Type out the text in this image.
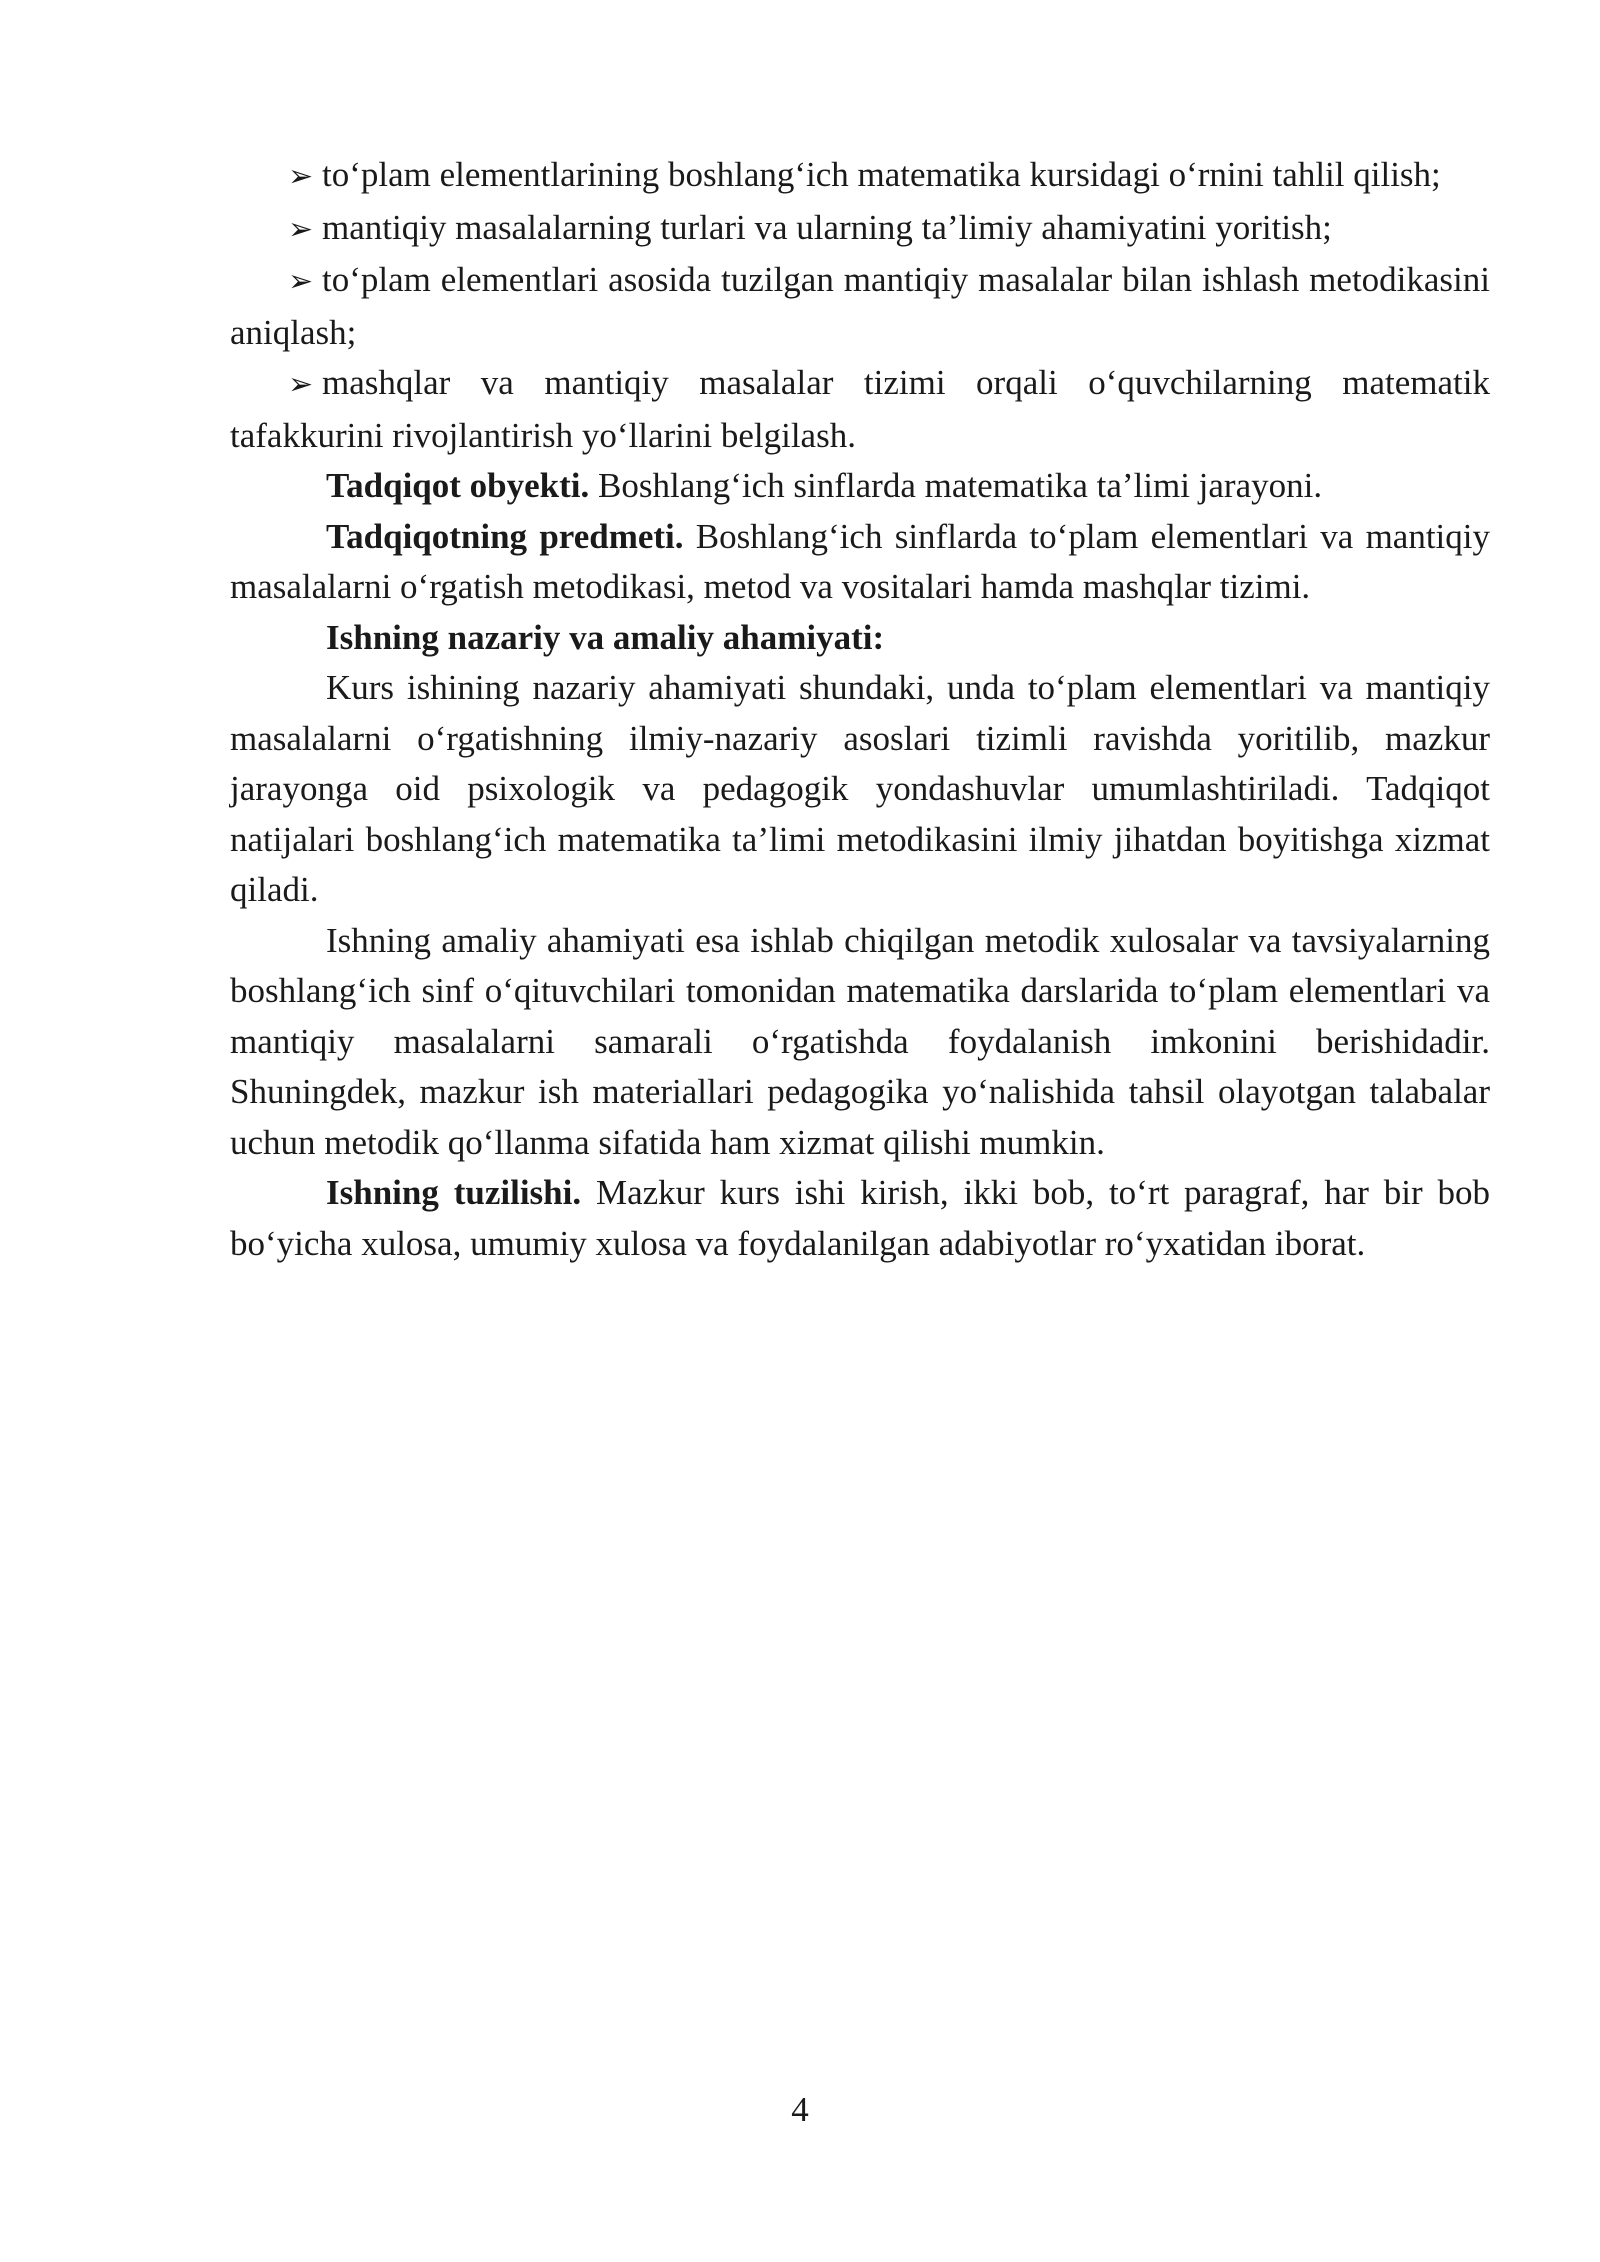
➢ to‘plam elementlarining boshlang‘ich matematika kursidagi o‘rnini tahlil qilish;

➢ mantiqiy masalalarning turlari va ularning ta’limiy ahamiyatini yoritish;

➢ to‘plam elementlari asosida tuzilgan mantiqiy masalalar bilan ishlash metodikasini aniqlash;

➢ mashqlar va mantiqiy masalalar tizimi orqali o‘quvchilarning matematik tafakkurini rivojlantirish yo‘llarini belgilash.

Tadqiqot obyekti. Boshlang‘ich sinflarda matematika ta’limi jarayoni.

Tadqiqotning predmeti. Boshlang‘ich sinflarda to‘plam elementlari va mantiqiy masalalarni o‘rgatish metodikasi, metod va vositalari hamda mashqlar tizimi.

Ishning nazariy va amaliy ahamiyati:

Kurs ishining nazariy ahamiyati shundaki, unda to‘plam elementlari va mantiqiy masalalarni o‘rgatishning ilmiy-nazariy asoslari tizimli ravishda yoritilib, mazkur jarayonga oid psixologik va pedagogik yondashuvlar umumlashtiriladi. Tadqiqot natijalari boshlang‘ich matematika ta’limi metodikasini ilmiy jihatdan boyitishga xizmat qiladi.

Ishning amaliy ahamiyati esa ishlab chiqilgan metodik xulosalar va tavsiyalarning boshlang‘ich sinf o‘qituvchilari tomonidan matematika darslarida to‘plam elementlari va mantiqiy masalalarni samarali o‘rgatishda foydalanish imkonini berishidadir. Shuningdek, mazkur ish materiallari pedagogika yo‘nalishida tahsil olayotgan talabalar uchun metodik qo‘llanma sifatida ham xizmat qilishi mumkin.

Ishning tuzilishi. Mazkur kurs ishi kirish, ikki bob, to‘rt paragraf, har bir bob bo‘yicha xulosa, umumiy xulosa va foydalanilgan adabiyotlar ro‘yxatidan iborat.

4
